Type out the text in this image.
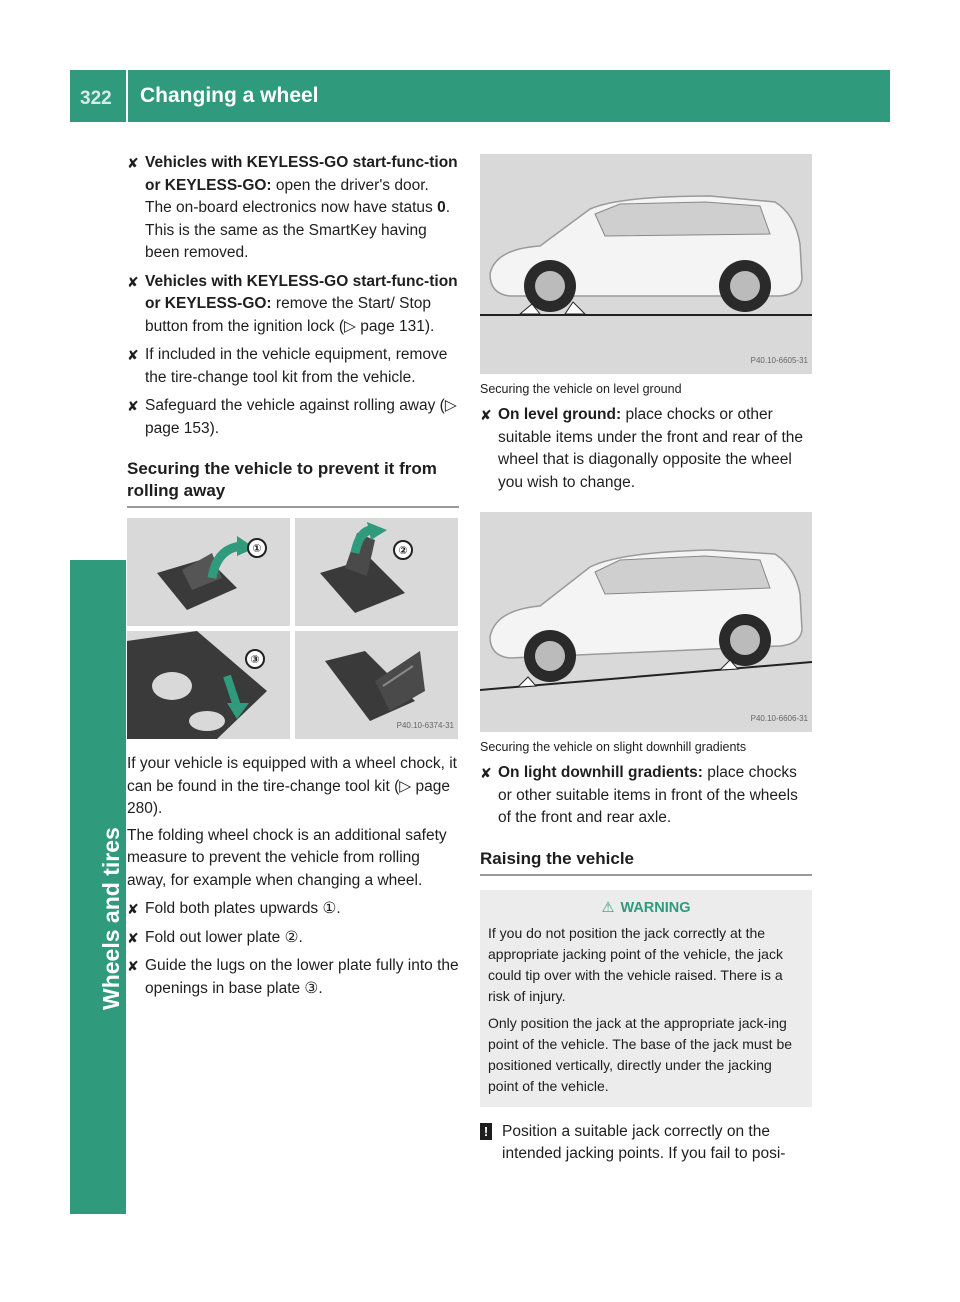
322 Changing a wheel
Wheels and tires
✘ Vehicles with KEYLESS-GO start-func-tion or KEYLESS-GO: open the driver's door.
The on-board electronics now have status 0. This is the same as the SmartKey having been removed.
✘ Vehicles with KEYLESS-GO start-func-tion or KEYLESS-GO: remove the Start/ Stop button from the ignition lock (▷ page 131).
✘ If included in the vehicle equipment, remove the tire-change tool kit from the vehicle.
✘ Safeguard the vehicle against rolling away (▷ page 153).
Securing the vehicle to prevent it from rolling away
①	②
③
P40.10-6374-31

If your vehicle is equipped with a wheel chock, it can be found in the tire-change tool kit (▷ page 280).

The folding wheel chock is an additional safety measure to prevent the vehicle from rolling away, for example when changing a wheel.

✘ Fold both plates upwards ①.
✘ Fold out lower plate ②.
✘ Guide the lugs on the lower plate fully into the openings in base plate ③.
P40.10-6605-31
Securing the vehicle on level ground
✘ On level ground: place chocks or other suitable items under the front and rear of the wheel that is diagonally opposite the wheel you wish to change.
P40.10-6606-31
Securing the vehicle on slight downhill gradients
✘ On light downhill gradients: place chocks or other suitable items in front of the wheels of the front and rear axle.
Raising the vehicle
⚠ WARNING

If you do not position the jack correctly at the appropriate jacking point of the vehicle, the jack could tip over with the vehicle raised. There is a risk of injury.

Only position the jack at the appropriate jack-ing point of the vehicle. The base of the jack must be positioned vertically, directly under the jacking point of the vehicle.

! Position a suitable jack correctly on the intended jacking points. If you fail to posi-
